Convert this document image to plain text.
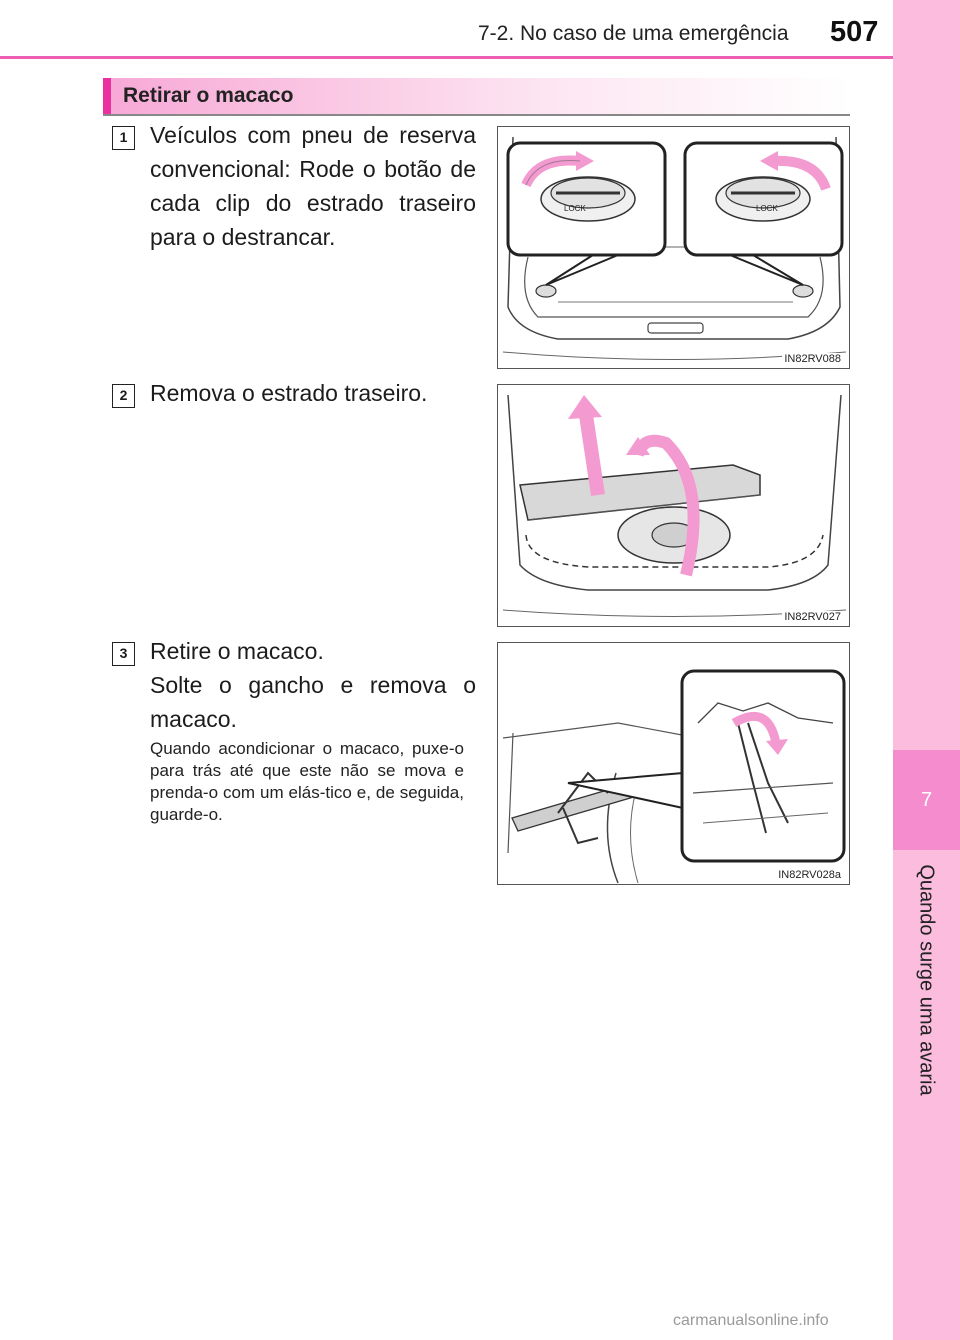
7-2. No caso de uma emergência 507
7
Quando surge uma avaria
Retirar o macaco
1 Veículos com pneu de reserva convencional: Rode o botão de cada clip do estrado traseiro para o destrancar.
LOCK	LOCK
IN82RV088
2 Remova o estrado traseiro.
IN82RV027
3 Retire o macaco.
Solte o gancho e remova o macaco.
Quando acondicionar o macaco, puxe-o para trás até que este não se mova e prenda-o com um elás-tico e, de seguida, guarde-o.
IN82RV028a
carmanualsonline.info
